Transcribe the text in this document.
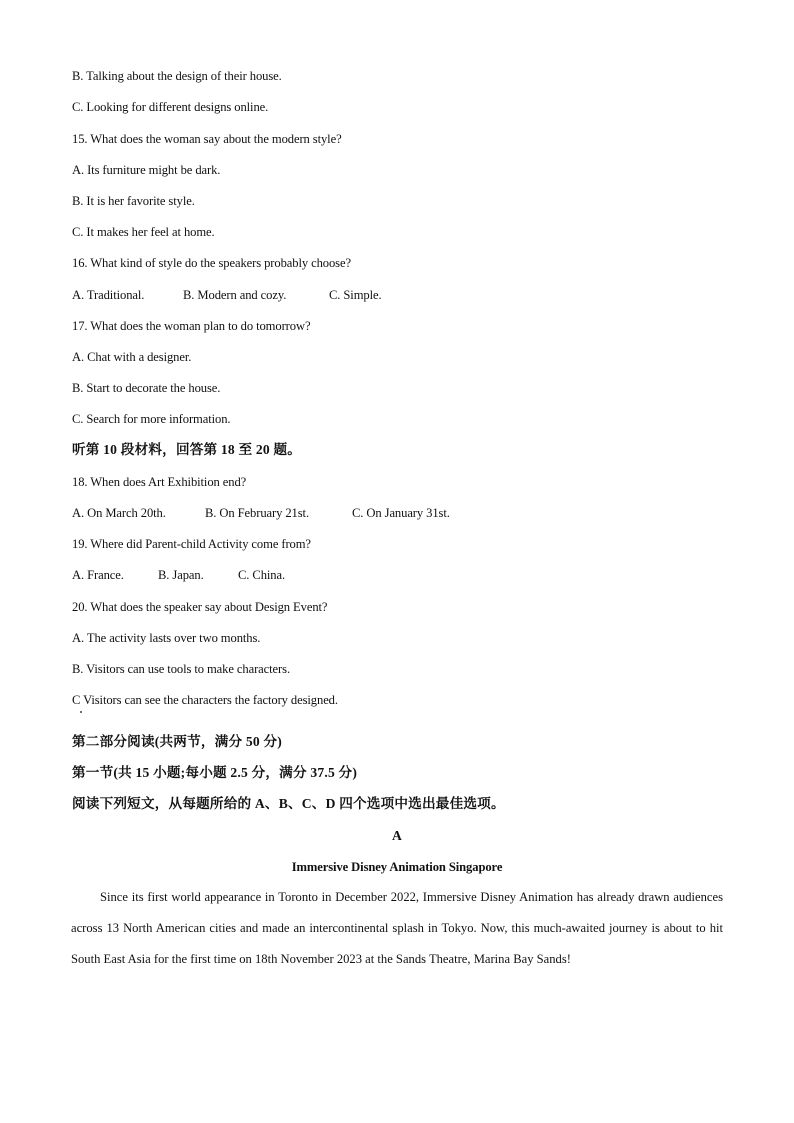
B. Talking about the design of their house.
C. Looking for different designs online.
15. What does the woman say about the modern style?
A. Its furniture might be dark.
B. It is her favorite style.
C. It makes her feel at home.
16. What kind of style do the speakers probably choose?
A. Traditional.	B. Modern and cozy.	C. Simple.
17. What does the woman plan to do tomorrow?
A. Chat with a designer.
B. Start to decorate the house.
C. Search for more information.
听第 10 段材料，回答第 18 至 20 题。
18. When does Art Exhibition end?
A. On March 20th.	B. On February 21st.	C. On January 31st.
19. Where did Parent-child Activity come from?
A. France.	B. Japan.	C. China.
20. What does the speaker say about Design Event?
A. The activity lasts over two months.
B. Visitors can use tools to make characters.
C Visitors can see the characters the factory designed.
第二部分阅读(共两节，满分 50 分)
第一节(共 15 小题;每小题 2.5 分，满分 37.5 分)
阅读下列短文，从每题所给的 A、B、C、D 四个选项中选出最佳选项。
A
Immersive Disney Animation Singapore
Since its first world appearance in Toronto in December 2022, Immersive Disney Animation has already drawn audiences across 13 North American cities and made an intercontinental splash in Tokyo. Now, this much-awaited journey is about to hit South East Asia for the first time on 18th November 2023 at the Sands Theatre, Marina Bay Sands!
